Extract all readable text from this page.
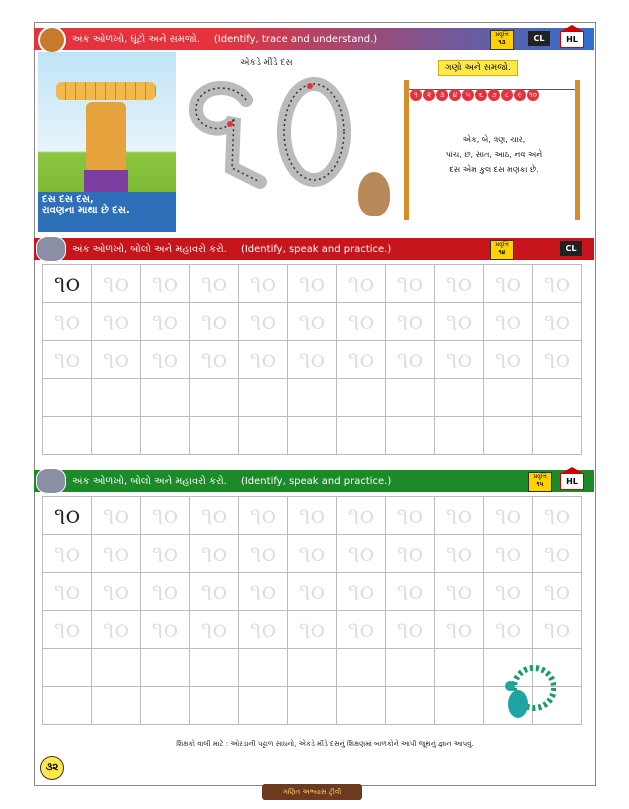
અંક ઓળખો, ઘૂંટો અને સમજો. (Identify, trace and understand.)	પ્રવૃત્તિ
૧૩	CL	HL
દસ દસ દસ,
રાવણના માથા છે દસ.
એકડે મીંડે દસ	ગણો અને સમજો.
૧ ૨ ૩ ૪ ૫ ૬ ૭ ૮ ૯ ૧૦
એક, બે, ત્રણ, ચાર,
પાંચ, છ, સાત, આઠ, નવ અને
દસ એમ કુલ દસ મણકા છે.
અંક ઓળખો, બોલો અને મહાવરો કરો. (Identify, speak and practice.)	પ્રવૃત્તિ
૧૪	CL
૧૦	૧૦	૧૦	૧૦	૧૦	૧૦	૧૦	૧૦	૧૦	૧૦	૧૦
૧૦	૧૦	૧૦	૧૦	૧૦	૧૦	૧૦	૧૦	૧૦	૧૦	૧૦
૧૦	૧૦	૧૦	૧૦	૧૦	૧૦	૧૦	૧૦	૧૦	૧૦	૧૦

અંક ઓળખો, બોલો અને મહાવરો કરો. (Identify, speak and practice.)	પ્રવૃત્તિ
૧૫	HL
૧૦	૧૦	૧૦	૧૦	૧૦	૧૦	૧૦	૧૦	૧૦	૧૦	૧૦
૧૦	૧૦	૧૦	૧૦	૧૦	૧૦	૧૦	૧૦	૧૦	૧૦	૧૦
૧૦	૧૦	૧૦	૧૦	૧૦	૧૦	૧૦	૧૦	૧૦	૧૦	૧૦
૧૦	૧૦	૧૦	૧૦	૧૦	૧૦	૧૦	૧૦	૧૦	૧૦	૧૦

શિક્ષકો વાલી માટે : ઓરડાની પટ્ટાળ સાધનો, એકડે મીંડે દસનું શિક્ષણમાં બાળકોને આપી જૂથનું જ્ઞાન આપવું.
૩૨
ગણિત અભ્યાસ ટ્રીવી
